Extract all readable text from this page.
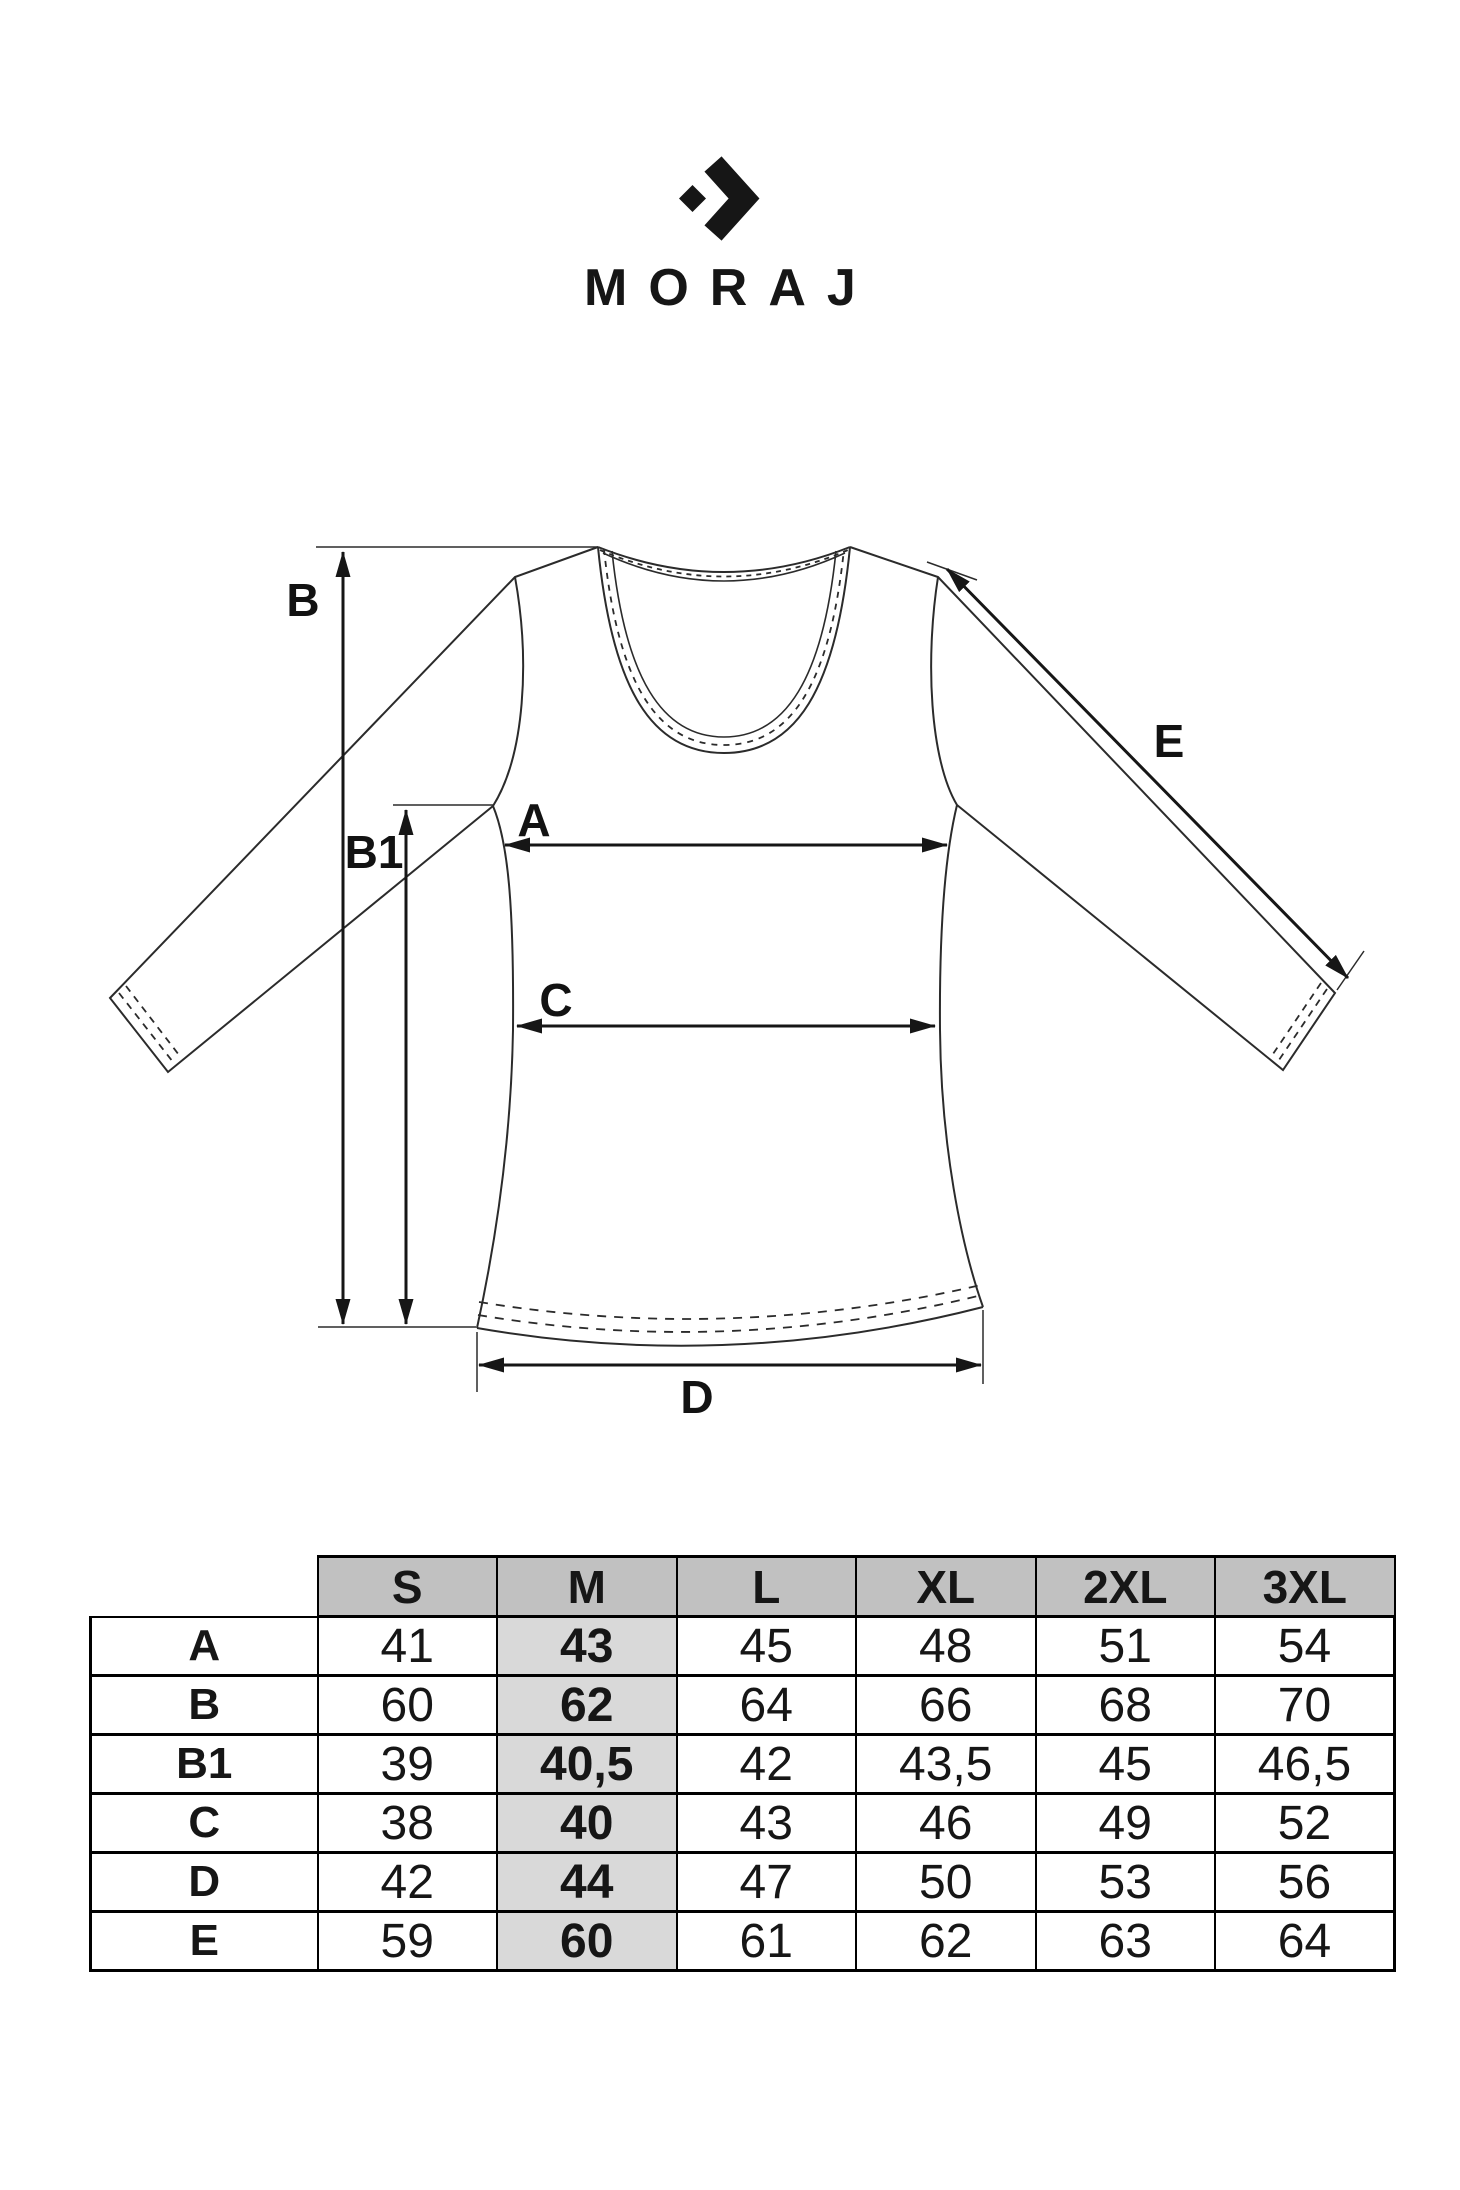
MORAJ
B
B1
A
C
D
E
	S	M	L	XL	2XL	3XL
A	41	43	45	48	51	54
B	60	62	64	66	68	70
B1	39	40,5	42	43,5	45	46,5
C	38	40	43	46	49	52
D	42	44	47	50	53	56
E	59	60	61	62	63	64
